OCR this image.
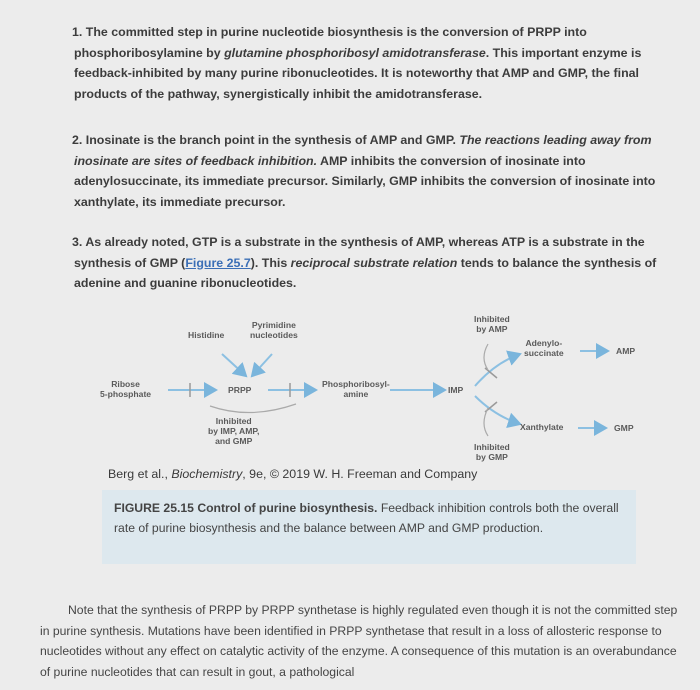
1. The committed step in purine nucleotide biosynthesis is the conversion of PRPP into phosphoribosylamine by glutamine phosphoribosyl amidotransferase. This important enzyme is feedback-inhibited by many purine ribonucleotides. It is noteworthy that AMP and GMP, the final products of the pathway, synergistically inhibit the amidotransferase.

2. Inosinate is the branch point in the synthesis of AMP and GMP. The reactions leading away from inosinate are sites of feedback inhibition. AMP inhibits the conversion of inosinate into adenylosuccinate, its immediate precursor. Similarly, GMP inhibits the conversion of inosinate into xanthylate, its immediate precursor.

3. As already noted, GTP is a substrate in the synthesis of AMP, whereas ATP is a substrate in the synthesis of GMP (Figure 25.7). This reciprocal substrate relation tends to balance the synthesis of adenine and guanine ribonucleotides.

Pyrimidine
nucleotides
Histidine
Ribose
5-phosphate	PRPP
Phosphoribosyl-
amine	IMP
Inhibited
by IMP, AMP,
and GMP
Inhibited
by AMP
Adenylo-
succinate	AMP
Xanthylate	GMP
Inhibited
by GMP

Berg et al., Biochemistry, 9e, © 2019 W. H. Freeman and Company

FIGURE 25.15 Control of purine biosynthesis. Feedback inhibition controls both the overall rate of purine biosynthesis and the balance between AMP and GMP production.

Note that the synthesis of PRPP by PRPP synthetase is highly regulated even though it is not the committed step in purine synthesis. Mutations have been identified in PRPP synthetase that result in a loss of allosteric response to nucleotides without any effect on catalytic activity of the enzyme. A consequence of this mutation is an overabundance of purine nucleotides that can result in gout, a pathological
